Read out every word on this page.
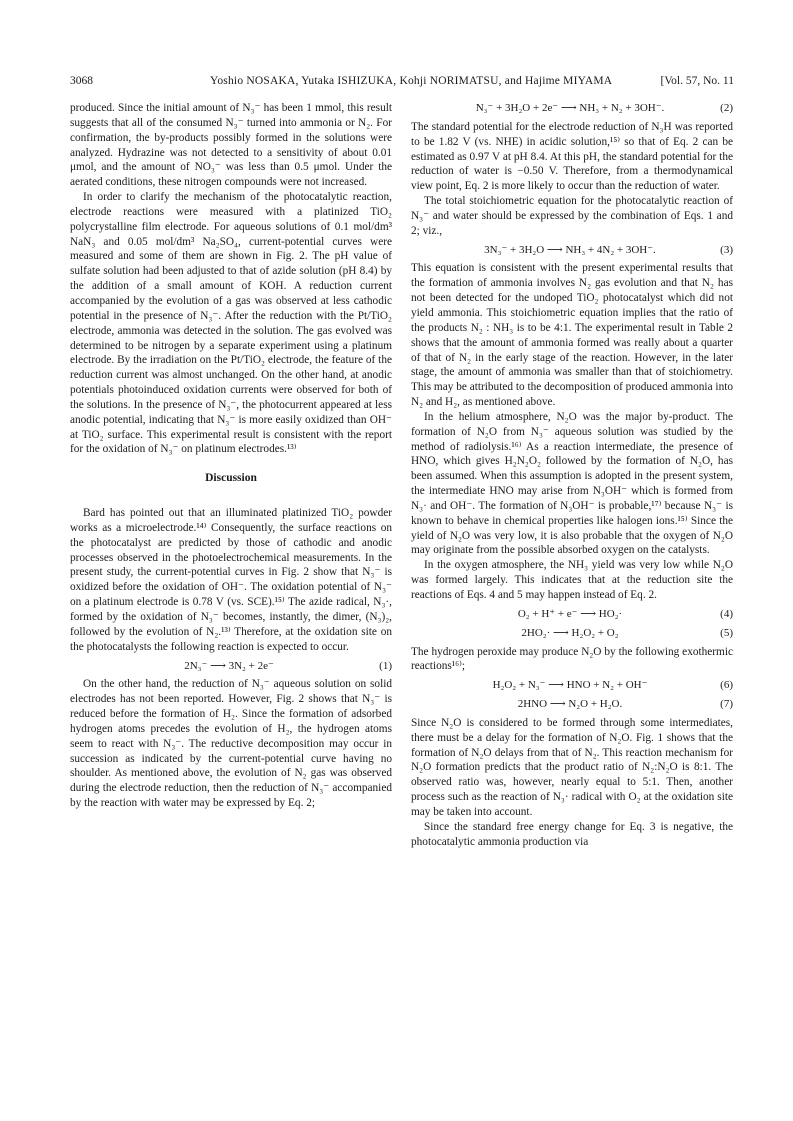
3068	Yoshio NOSAKA, Yutaka ISHIZUKA, Kohji NORIMATSU, and Hajime MIYAMA	[Vol. 57, No. 11

produced. Since the initial amount of N₃⁻ has been 1 mmol, this result suggests that all of the consumed N₃⁻ turned into ammonia or N₂. For confirmation, the by-products possibly formed in the solutions were analyzed. Hydrazine was not detected to a sensitivity of about 0.01 μmol, and the amount of NO₃⁻ was less than 0.5 μmol. Under the aerated conditions, these nitrogen compounds were not increased.

In order to clarify the mechanism of the photocatalytic reaction, electrode reactions were measured with a platinized TiO₂ polycrystalline film electrode. For aqueous solutions of 0.1 mol/dm³ NaN₃ and 0.05 mol/dm³ Na₂SO₄, current-potential curves were measured and some of them are shown in Fig. 2. The pH value of sulfate solution had been adjusted to that of azide solution (pH 8.4) by the addition of a small amount of KOH. A reduction current accompanied by the evolution of a gas was observed at less cathodic potential in the presence of N₃⁻. After the reduction with the Pt/TiO₂ electrode, ammonia was detected in the solution. The gas evolved was determined to be nitrogen by a separate experiment using a platinum electrode. By the irradiation on the Pt/TiO₂ electrode, the feature of the reduction current was almost unchanged. On the other hand, at anodic potentials photoinduced oxidation currents were observed for both of the solutions. In the presence of N₃⁻, the photocurrent appeared at less anodic potential, indicating that N₃⁻ is more easily oxidized than OH⁻ at TiO₂ surface. This experimental result is consistent with the report for the oxidation of N₃⁻ on platinum electrodes.¹³⁾

Discussion

Bard has pointed out that an illuminated platinized TiO₂ powder works as a microelectrode.¹⁴⁾ Consequently, the surface reactions on the photocatalyst are predicted by those of cathodic and anodic processes observed in the photoelectrochemical measurements. In the present study, the current-potential curves in Fig. 2 show that N₃⁻ is oxidized before the oxidation of OH⁻. The oxidation potential of N₃⁻ on a platinum electrode is 0.78 V (vs. SCE).¹⁵⁾ The azide radical, N₃·, formed by the oxidation of N₃⁻ becomes, instantly, the dimer, (N₃)₂, followed by the evolution of N₂.¹³⁾ Therefore, at the oxidation site on the photocatalysts the following reaction is expected to occur.

2N₃⁻ ⟶ 3N₂ + 2e⁻	(1)

On the other hand, the reduction of N₃⁻ aqueous solution on solid electrodes has not been reported. However, Fig. 2 shows that N₃⁻ is reduced before the formation of H₂. Since the formation of adsorbed hydrogen atoms precedes the evolution of H₂, the hydrogen atoms seem to react with N₃⁻. The reductive decomposition may occur in succession as indicated by the current-potential curve having no shoulder. As mentioned above, the evolution of N₂ gas was observed during the electrode reduction, then the reduction of N₃⁻ accompanied by the reaction with water may be expressed by Eq. 2;

N₃⁻ + 3H₂O + 2e⁻ ⟶ NH₃ + N₂ + 3OH⁻.	(2)

The standard potential for the electrode reduction of N₃H was reported to be 1.82 V (vs. NHE) in acidic solution,¹⁵⁾ so that of Eq. 2 can be estimated as 0.97 V at pH 8.4. At this pH, the standard potential for the reduction of water is −0.50 V. Therefore, from a thermodynamical view point, Eq. 2 is more likely to occur than the reduction of water.

The total stoichiometric equation for the photocatalytic reaction of N₃⁻ and water should be expressed by the combination of Eqs. 1 and 2; viz.,

3N₃⁻ + 3H₂O ⟶ NH₃ + 4N₂ + 3OH⁻.	(3)

This equation is consistent with the present experimental results that the formation of ammonia involves N₂ gas evolution and that N₂ has not been detected for the undoped TiO₂ photocatalyst which did not yield ammonia. This stoichiometric equation implies that the ratio of the products N₂ : NH₃ is to be 4:1. The experimental result in Table 2 shows that the amount of ammonia formed was really about a quarter of that of N₂ in the early stage of the reaction. However, in the later stage, the amount of ammonia was smaller than that of stoichiometry. This may be attributed to the decomposition of produced ammonia into N₂ and H₂, as mentioned above.

In the helium atmosphere, N₂O was the major by-product. The formation of N₂O from N₃⁻ aqueous solution was studied by the method of radiolysis.¹⁶⁾ As a reaction intermediate, the presence of HNO, which gives H₂N₂O₂ followed by the formation of N₂O, has been assumed. When this assumption is adopted in the present system, the intermediate HNO may arise from N₃OH⁻ which is formed from N₃· and OH⁻. The formation of N₃OH⁻ is probable,¹⁷⁾ because N₃⁻ is known to behave in chemical properties like halogen ions.¹⁵⁾ Since the yield of N₂O was very low, it is also probable that the oxygen of N₂O may originate from the possible absorbed oxygen on the catalysts.

In the oxygen atmosphere, the NH₃ yield was very low while N₂O was formed largely. This indicates that at the reduction site the reactions of Eqs. 4 and 5 may happen instead of Eq. 2.

O₂ + H⁺ + e⁻ ⟶ HO₂·	(4)
2HO₂· ⟶ H₂O₂ + O₂	(5)

The hydrogen peroxide may produce N₂O by the following exothermic reactions¹⁶⁾;

H₂O₂ + N₃⁻ ⟶ HNO + N₂ + OH⁻	(6)
2HNO ⟶ N₂O + H₂O.	(7)

Since N₂O is considered to be formed through some intermediates, there must be a delay for the formation of N₂O. Fig. 1 shows that the formation of N₂O delays from that of N₂. This reaction mechanism for N₂O formation predicts that the product ratio of N₂:N₂O is 8:1. The observed ratio was, however, nearly equal to 5:1. Then, another process such as the reaction of N₃· radical with O₂ at the oxidation site may be taken into account.

Since the standard free energy change for Eq. 3 is negative, the photocatalytic ammonia production via
